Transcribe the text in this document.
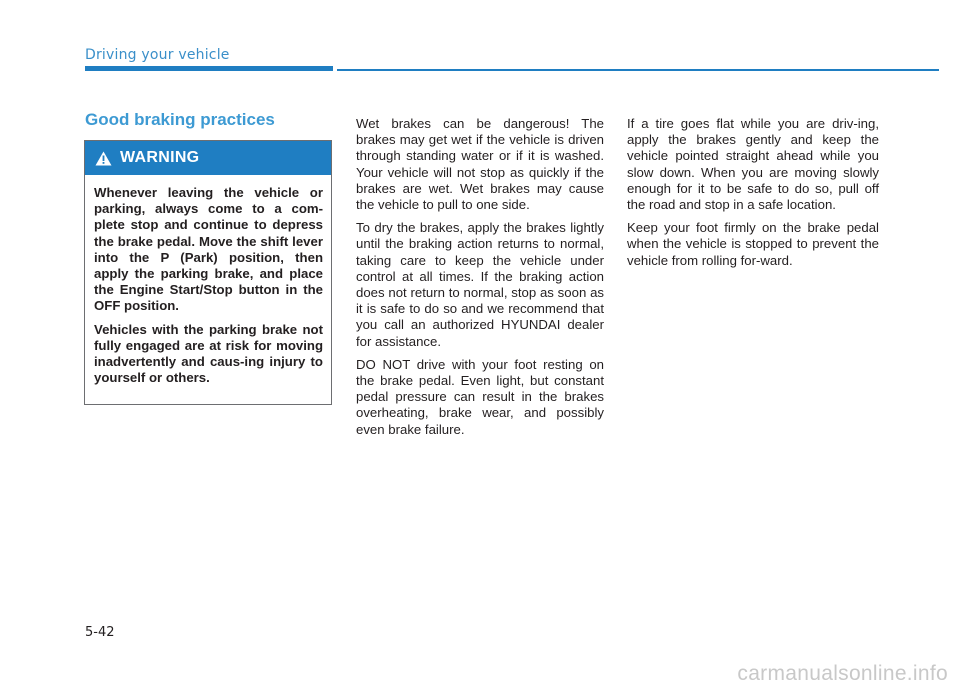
Driving your vehicle
Good braking practices
WARNING

Whenever leaving the vehicle or parking, always come to a com-plete stop and continue to depress the brake pedal. Move the shift lever into the P (Park) position, then apply the parking brake, and place the Engine Start/Stop button in the OFF position.

Vehicles with the parking brake not fully engaged are at risk for moving inadvertently and caus-ing injury to yourself or others.

Wet brakes can be dangerous! The brakes may get wet if the vehicle is driven through standing water or if it is washed. Your vehicle will not stop as quickly if the brakes are wet. Wet brakes may cause the vehicle to pull to one side.

To dry the brakes, apply the brakes lightly until the braking action returns to normal, taking care to keep the vehicle under control at all times. If the braking action does not return to normal, stop as soon as it is safe to do so and we recommend that you call an authorized HYUNDAI dealer for assistance.

DO NOT drive with your foot resting on the brake pedal. Even light, but constant pedal pressure can result in the brakes overheating, brake wear, and possibly even brake failure.

If a tire goes flat while you are driv-ing, apply the brakes gently and keep the vehicle pointed straight ahead while you slow down. When you are moving slowly enough for it to be safe to do so, pull off the road and stop in a safe location.

Keep your foot firmly on the brake pedal when the vehicle is stopped to prevent the vehicle from rolling for-ward.

5-42
carmanualsonline.info
